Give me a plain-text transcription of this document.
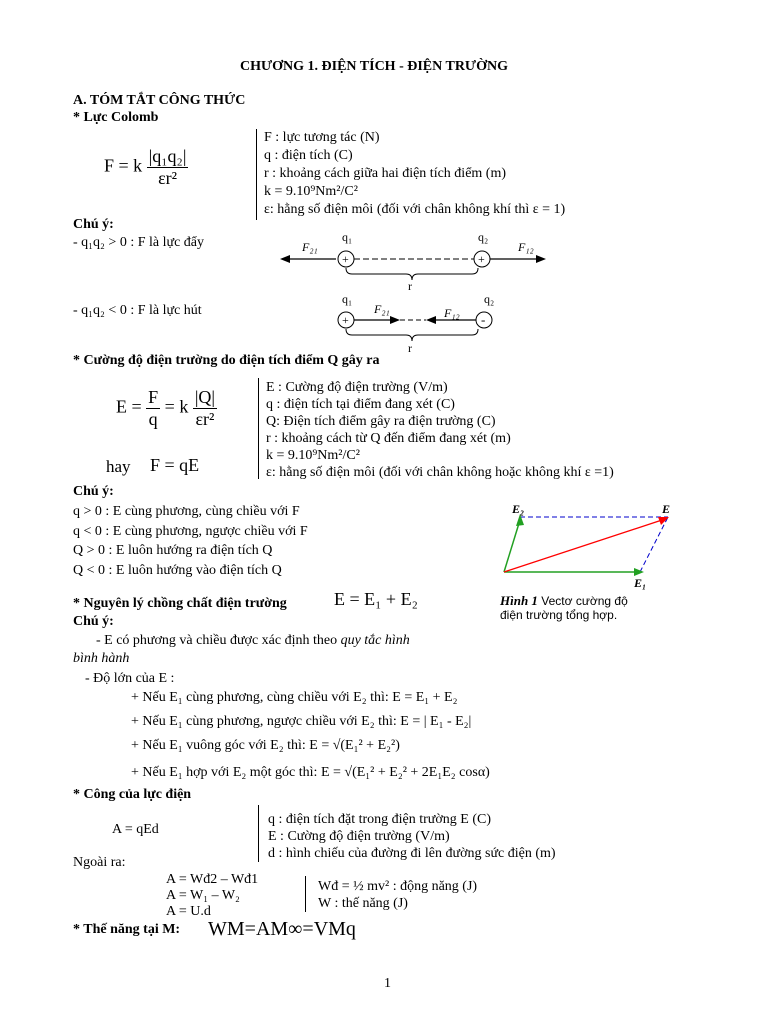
CHƯƠNG 1. ĐIỆN TÍCH - ĐIỆN TRƯỜNG
A. TÓM TẮT CÔNG THỨC
* Lực Colomb
F = k $\frac{\text{|q₁q₂|}}{\text{εr²}}$
F : lực tương tác (N)
q : điện tích (C)
r : khoảng cách giữa hai điện tích điểm (m)
k = 9.10⁹Nm²/C²
ε: hằng số điện môi (đối với chân không khí thì ε = 1)
Chú ý:
- q₁q₂ > 0 : F là lực đẩy
- q₁q₂ < 0 : F là lực hút
q₁	q₂
F₂₁	F₁₂
+	+
r
q₁	q₂
F₂₁	F₁₂
+	-
r
* Cường độ điện trường do điện tích điểm Q gây ra
$E = \frac{F}{q} = k \frac{|Q|}{\text{εr²}}$
hay F = qE
E : Cường độ điện trường (V/m)
q : điện tích tại điểm đang xét (C)
Q: Điện tích điểm gây ra điện trường (C)
r : khoảng cách từ Q đến điểm đang xét (m)
k = 9.10⁹Nm²/C²
ε: hằng số điện môi (đối với chân không hoặc không khí ε =1)
Chú ý:
q > 0 : E cùng phương, cùng chiều với F
q < 0 : E cùng phương, ngược chiều với F
Q > 0 : E luôn hướng ra điện tích Q
Q < 0 : E luôn hướng vào điện tích Q
E₂	E
E₁
Hình 1 Vectơ cường độ
điện trường tổng hợp.
* Nguyên lý chồng chất điện trường	E = E₁ + E₂
Chú ý:
- E có phương và chiều được xác định theo quy tắc hình
bình hành
- Độ lớn của E :
+ Nếu E₁ cùng phương, cùng chiều với E₂ thì: E = E₁ + E₂
+ Nếu E₁ cùng phương, ngược chiều với E₂ thì: E = | E₁ - E₂|
+ Nếu E₁ vuông góc với E₂ thì: E = √(E₁² + E₂²)
+ Nếu E₁ hợp với E₂ một góc thì: E = √(E₁² + E₂² + 2E₁E₂ cosα)
* Công của lực điện
A = qEd
q : điện tích đặt trong điện trường E (C)
E : Cường độ điện trường (V/m)
d : hình chiếu của đường đi lên đường sức điện (m)
Ngoài ra:
A = Wđ2 – Wđ1
A = W₁ – W₂
A = U.d
Wđ = ½ mv² : động năng (J)
W : thế năng (J)
* Thế năng tại M: WM=AM∞=VMq
1
